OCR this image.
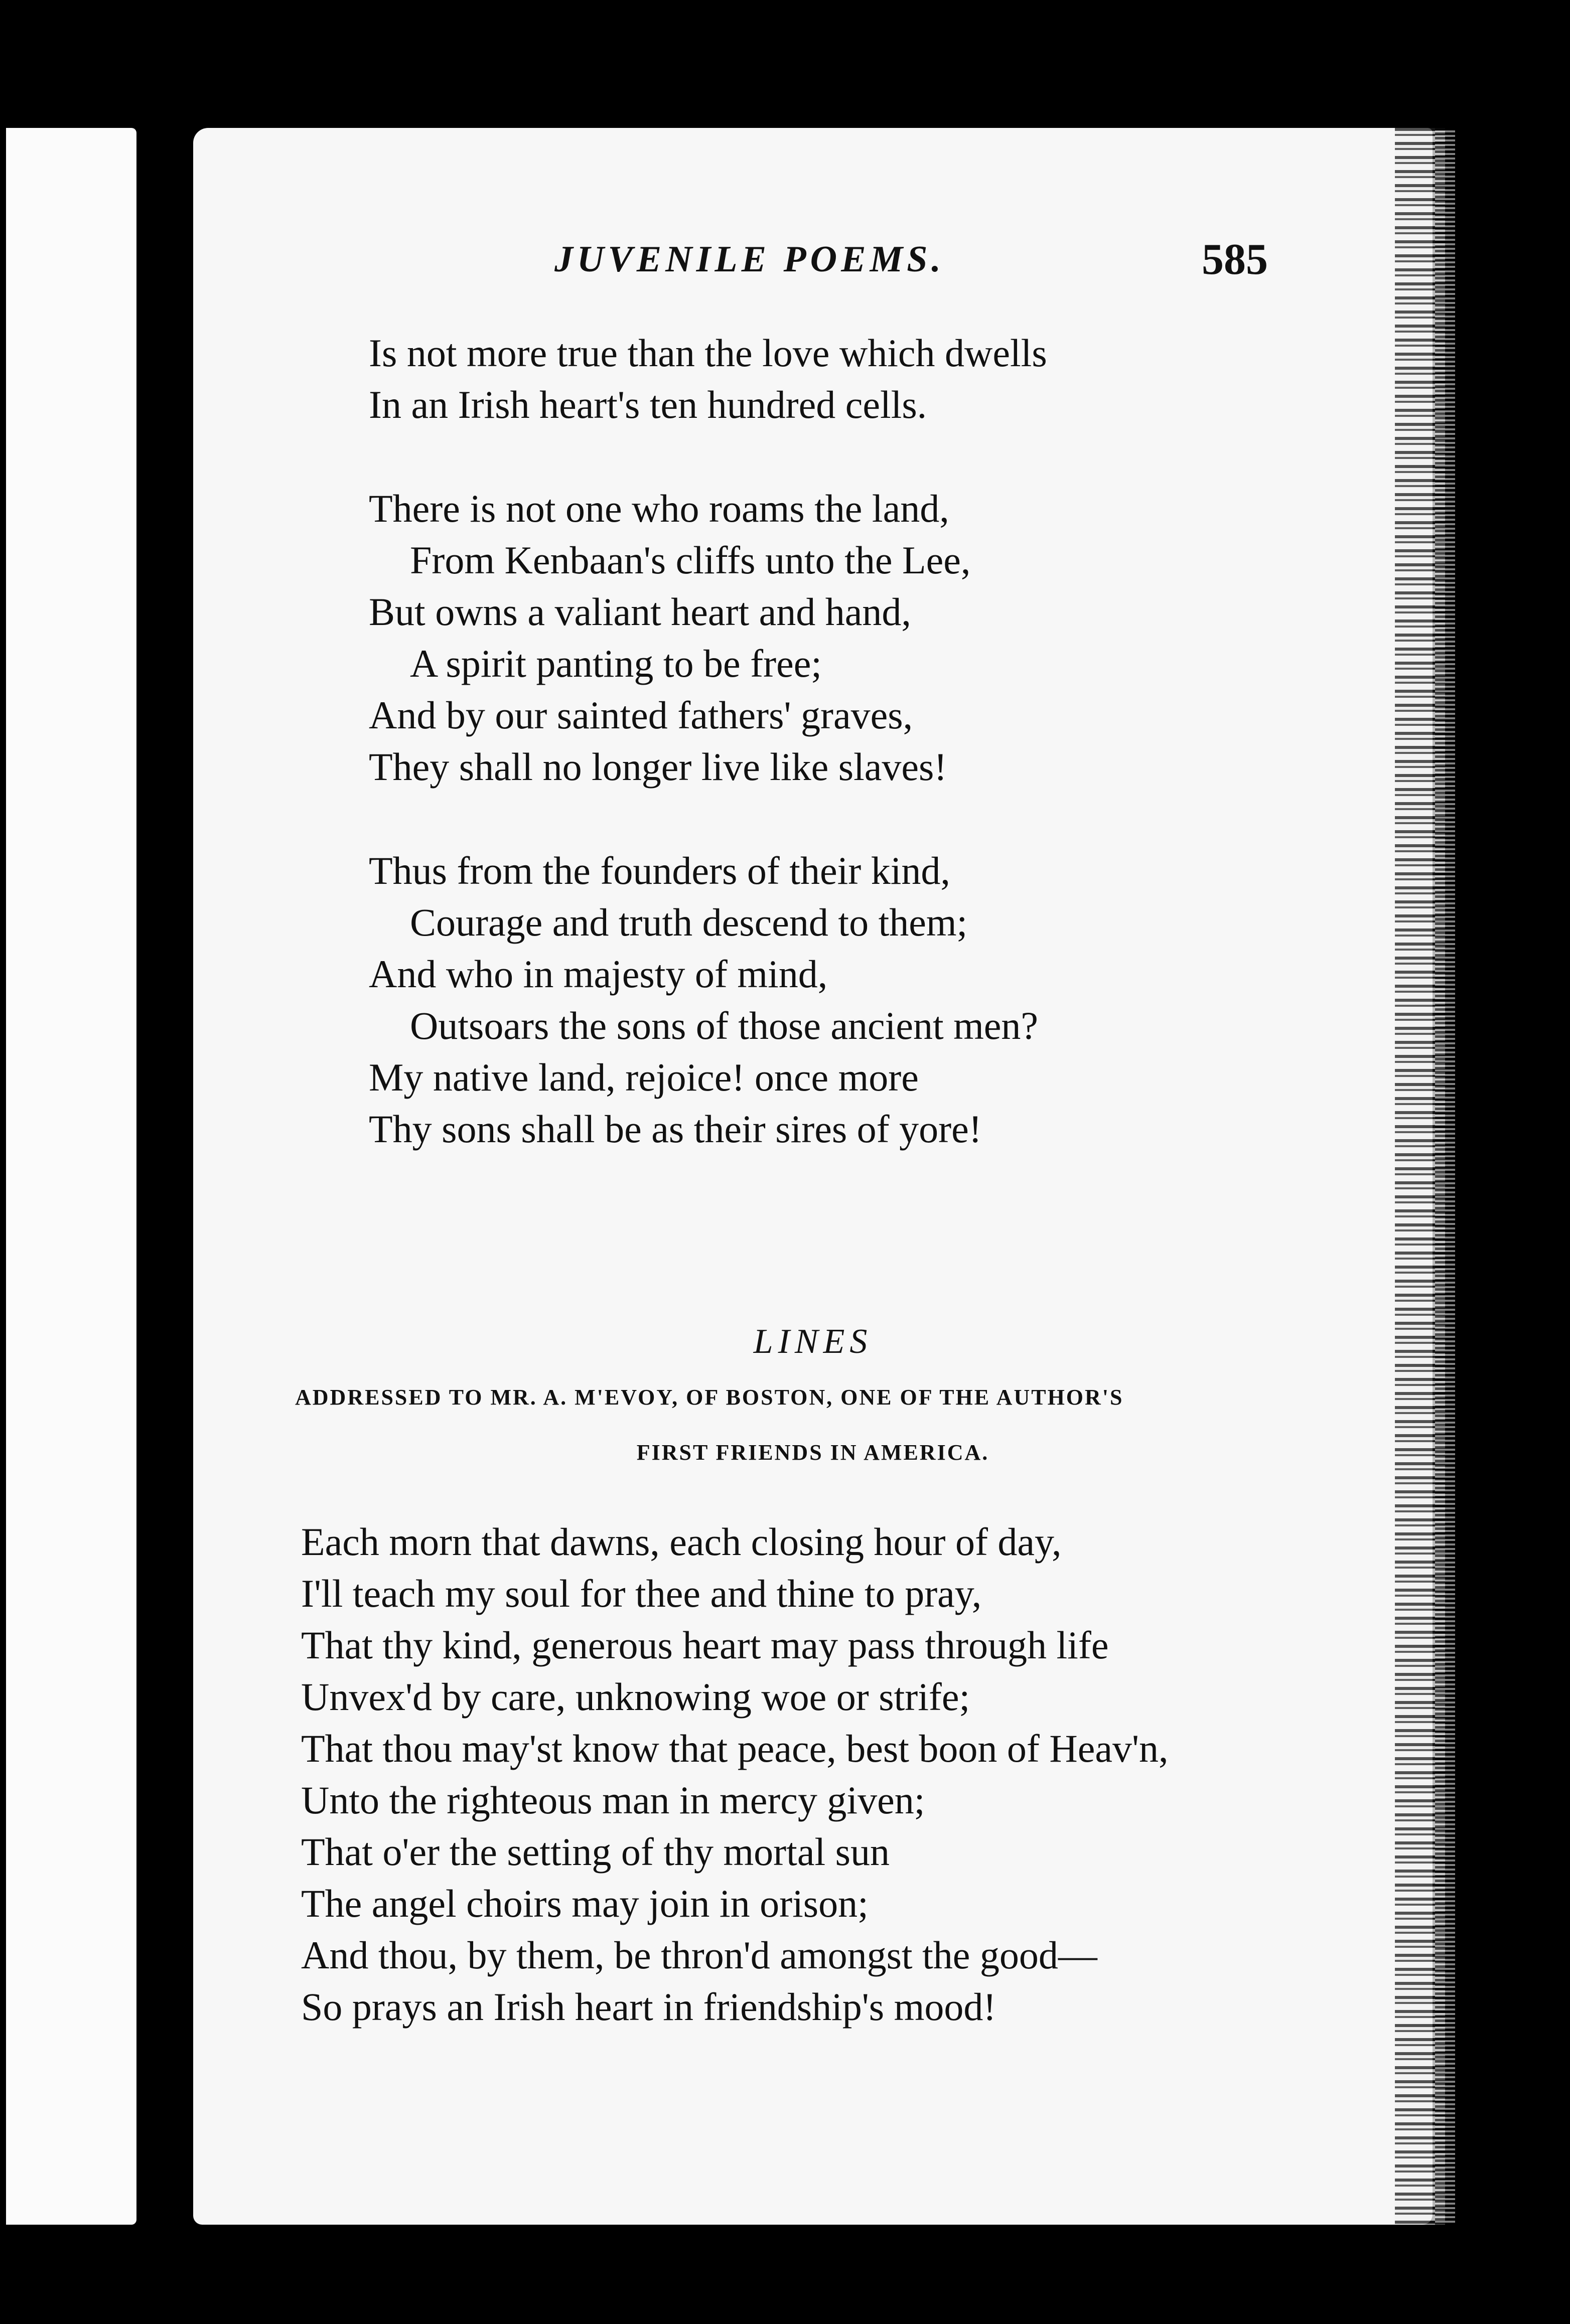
JUVENILE POEMS.	585
Is not more true than the love which dwells
In an Irish heart's ten hundred cells.
There is not one who roams the land,
From Kenbaan's cliffs unto the Lee,
But owns a valiant heart and hand,
A spirit panting to be free;
And by our sainted fathers' graves,
They shall no longer live like slaves!
Thus from the founders of their kind,
Courage and truth descend to them;
And who in majesty of mind,
Outsoars the sons of those ancient men?
My native land, rejoice! once more
Thy sons shall be as their sires of yore!
LINES
ADDRESSED TO MR. A. M'EVOY, OF BOSTON, ONE OF THE AUTHOR'S
FIRST FRIENDS IN AMERICA.
Each morn that dawns, each closing hour of day,
I'll teach my soul for thee and thine to pray,
That thy kind, generous heart may pass through life
Unvex'd by care, unknowing woe or strife;
That thou may'st know that peace, best boon of Heav'n,
Unto the righteous man in mercy given;
That o'er the setting of thy mortal sun
The angel choirs may join in orison;
And thou, by them, be thron'd amongst the good—
So prays an Irish heart in friendship's mood!
